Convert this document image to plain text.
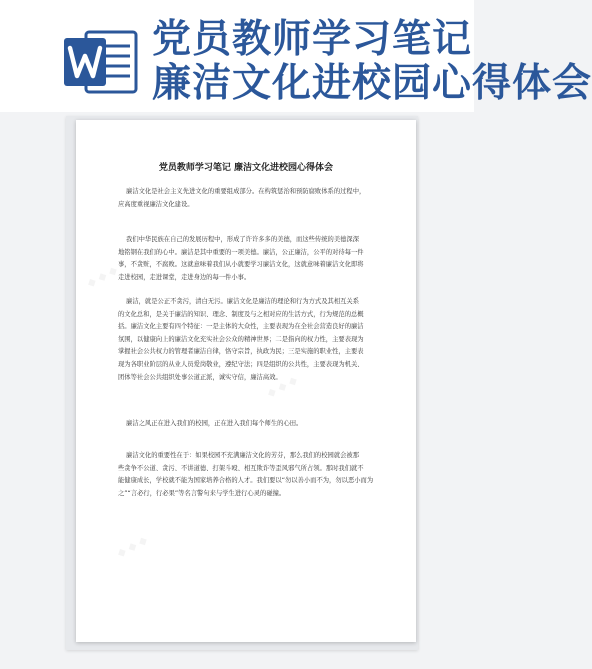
党员教师学习笔记
廉洁文化进校园心得体会
党员教师学习笔记 廉洁文化进校园心得体会
廉洁文化是社会主义先进文化的重要组成部分。在构筑惩治和预防腐败体系的过程中，
应高度重视廉洁文化建设。
我们中华民族在自己的发展历程中，形成了许许多多的美德，而这些传统的美德深深
地铭钢在我们的心中。廉洁是其中重要的一项美德。廉洁，公正廉洁，公平的对待每一件
事，不贪赃，不腐败。这就意味着我们从小就要学习廉洁文化，这就意味着廉洁文化即将
走进校园，走进课堂，走进身边的每一件小事。
廉洁，就是公正不贪污，清白无污。廉洁文化是廉洁的理论和行为方式及其相互关系
的文化总和，是关于廉洁的知识、理念、制度及与之相对应的生活方式，行为规范的总概
括。廉洁文化主要有四个特征：一是主体的大众性，主要表现为在全社会营造良好的廉洁
氛围，以健康向上的廉洁文化充实社会公众的精神世界；二是指向的权力性，主要表现为
掌握社会公共权力的管理者廉洁自律，恪守宗旨，执政为民；三是实施的职业性，主要表
现为各职业阶层的从业人员爱岗敬业，遵纪守法；四是组织的公共性，主要表现为机关、
团体等社会公共组织处事公道正派，诚实守信，廉洁高效。
廉洁之风正在进入我们的校园，正在进入我们每个师生的心田。
廉洁文化的重要性在于：如果校园不充满廉洁文化的芳芬，那么我们的校园就会被那
些贪争不公道、贪污、不讲道德、打架斗殴、相互欺诈等歪风邪气所占领。那时我们就不
能健康成长，学校就不能为国家培养合格的人才。我们要以“勿以善小而不为，勿以恶小而为
之”“言必行，行必果”等名言警句来与学生进行心灵的碰撞。
